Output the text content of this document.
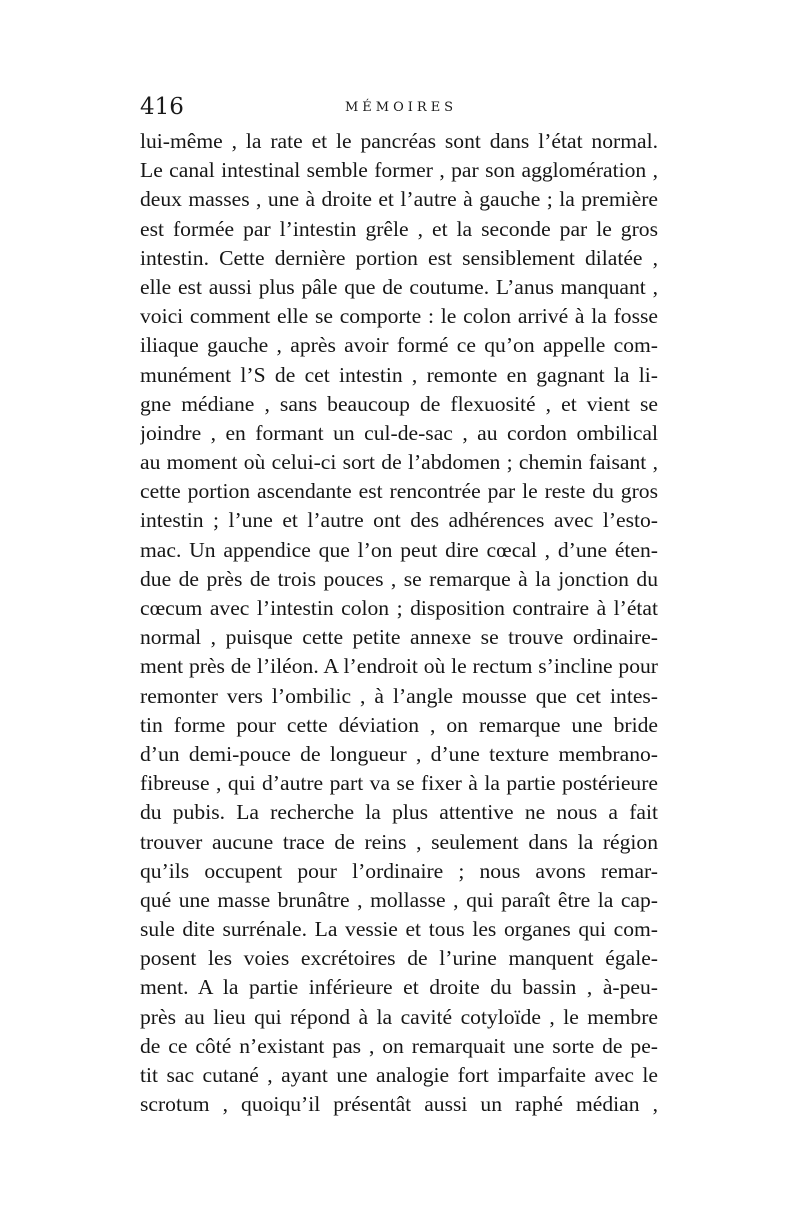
416	MÉMOIRES
lui-même , la rate et le pancréas sont dans l’état normal.
Le canal intestinal semble former , par son agglomération ,
deux masses , une à droite et l’autre à gauche ; la première
est formée par l’intestin grêle , et la seconde par le gros
intestin. Cette dernière portion est sensiblement dilatée ,
elle est aussi plus pâle que de coutume. L’anus manquant ,
voici comment elle se comporte : le colon arrivé à la fosse
iliaque gauche , après avoir formé ce qu’on appelle com-
munément l’S de cet intestin , remonte en gagnant la li-
gne médiane , sans beaucoup de flexuosité , et vient se
joindre , en formant un cul-de-sac , au cordon ombilical
au moment où celui-ci sort de l’abdomen ; chemin faisant ,
cette portion ascendante est rencontrée par le reste du gros
intestin ; l’une et l’autre ont des adhérences avec l’esto-
mac. Un appendice que l’on peut dire cœcal , d’une éten-
due de près de trois pouces , se remarque à la jonction du
cœcum avec l’intestin colon ; disposition contraire à l’état
normal , puisque cette petite annexe se trouve ordinaire-
ment près de l’iléon. A l’endroit où le rectum s’incline pour
remonter vers l’ombilic , à l’angle mousse que cet intes-
tin forme pour cette déviation , on remarque une bride
d’un demi-pouce de longueur , d’une texture membrano-
fibreuse , qui d’autre part va se fixer à la partie postérieure
du pubis. La recherche la plus attentive ne nous a fait
trouver aucune trace de reins , seulement dans la région
qu’ils occupent pour l’ordinaire ; nous avons remar-
qué une masse brunâtre , mollasse , qui paraît être la cap-
sule dite surrénale. La vessie et tous les organes qui com-
posent les voies excrétoires de l’urine manquent égale-
ment. A la partie inférieure et droite du bassin , à-peu-
près au lieu qui répond à la cavité cotyloïde , le membre
de ce côté n’existant pas , on remarquait une sorte de pe-
tit sac cutané , ayant une analogie fort imparfaite avec le
scrotum , quoiqu’il présentât aussi un raphé médian ,
